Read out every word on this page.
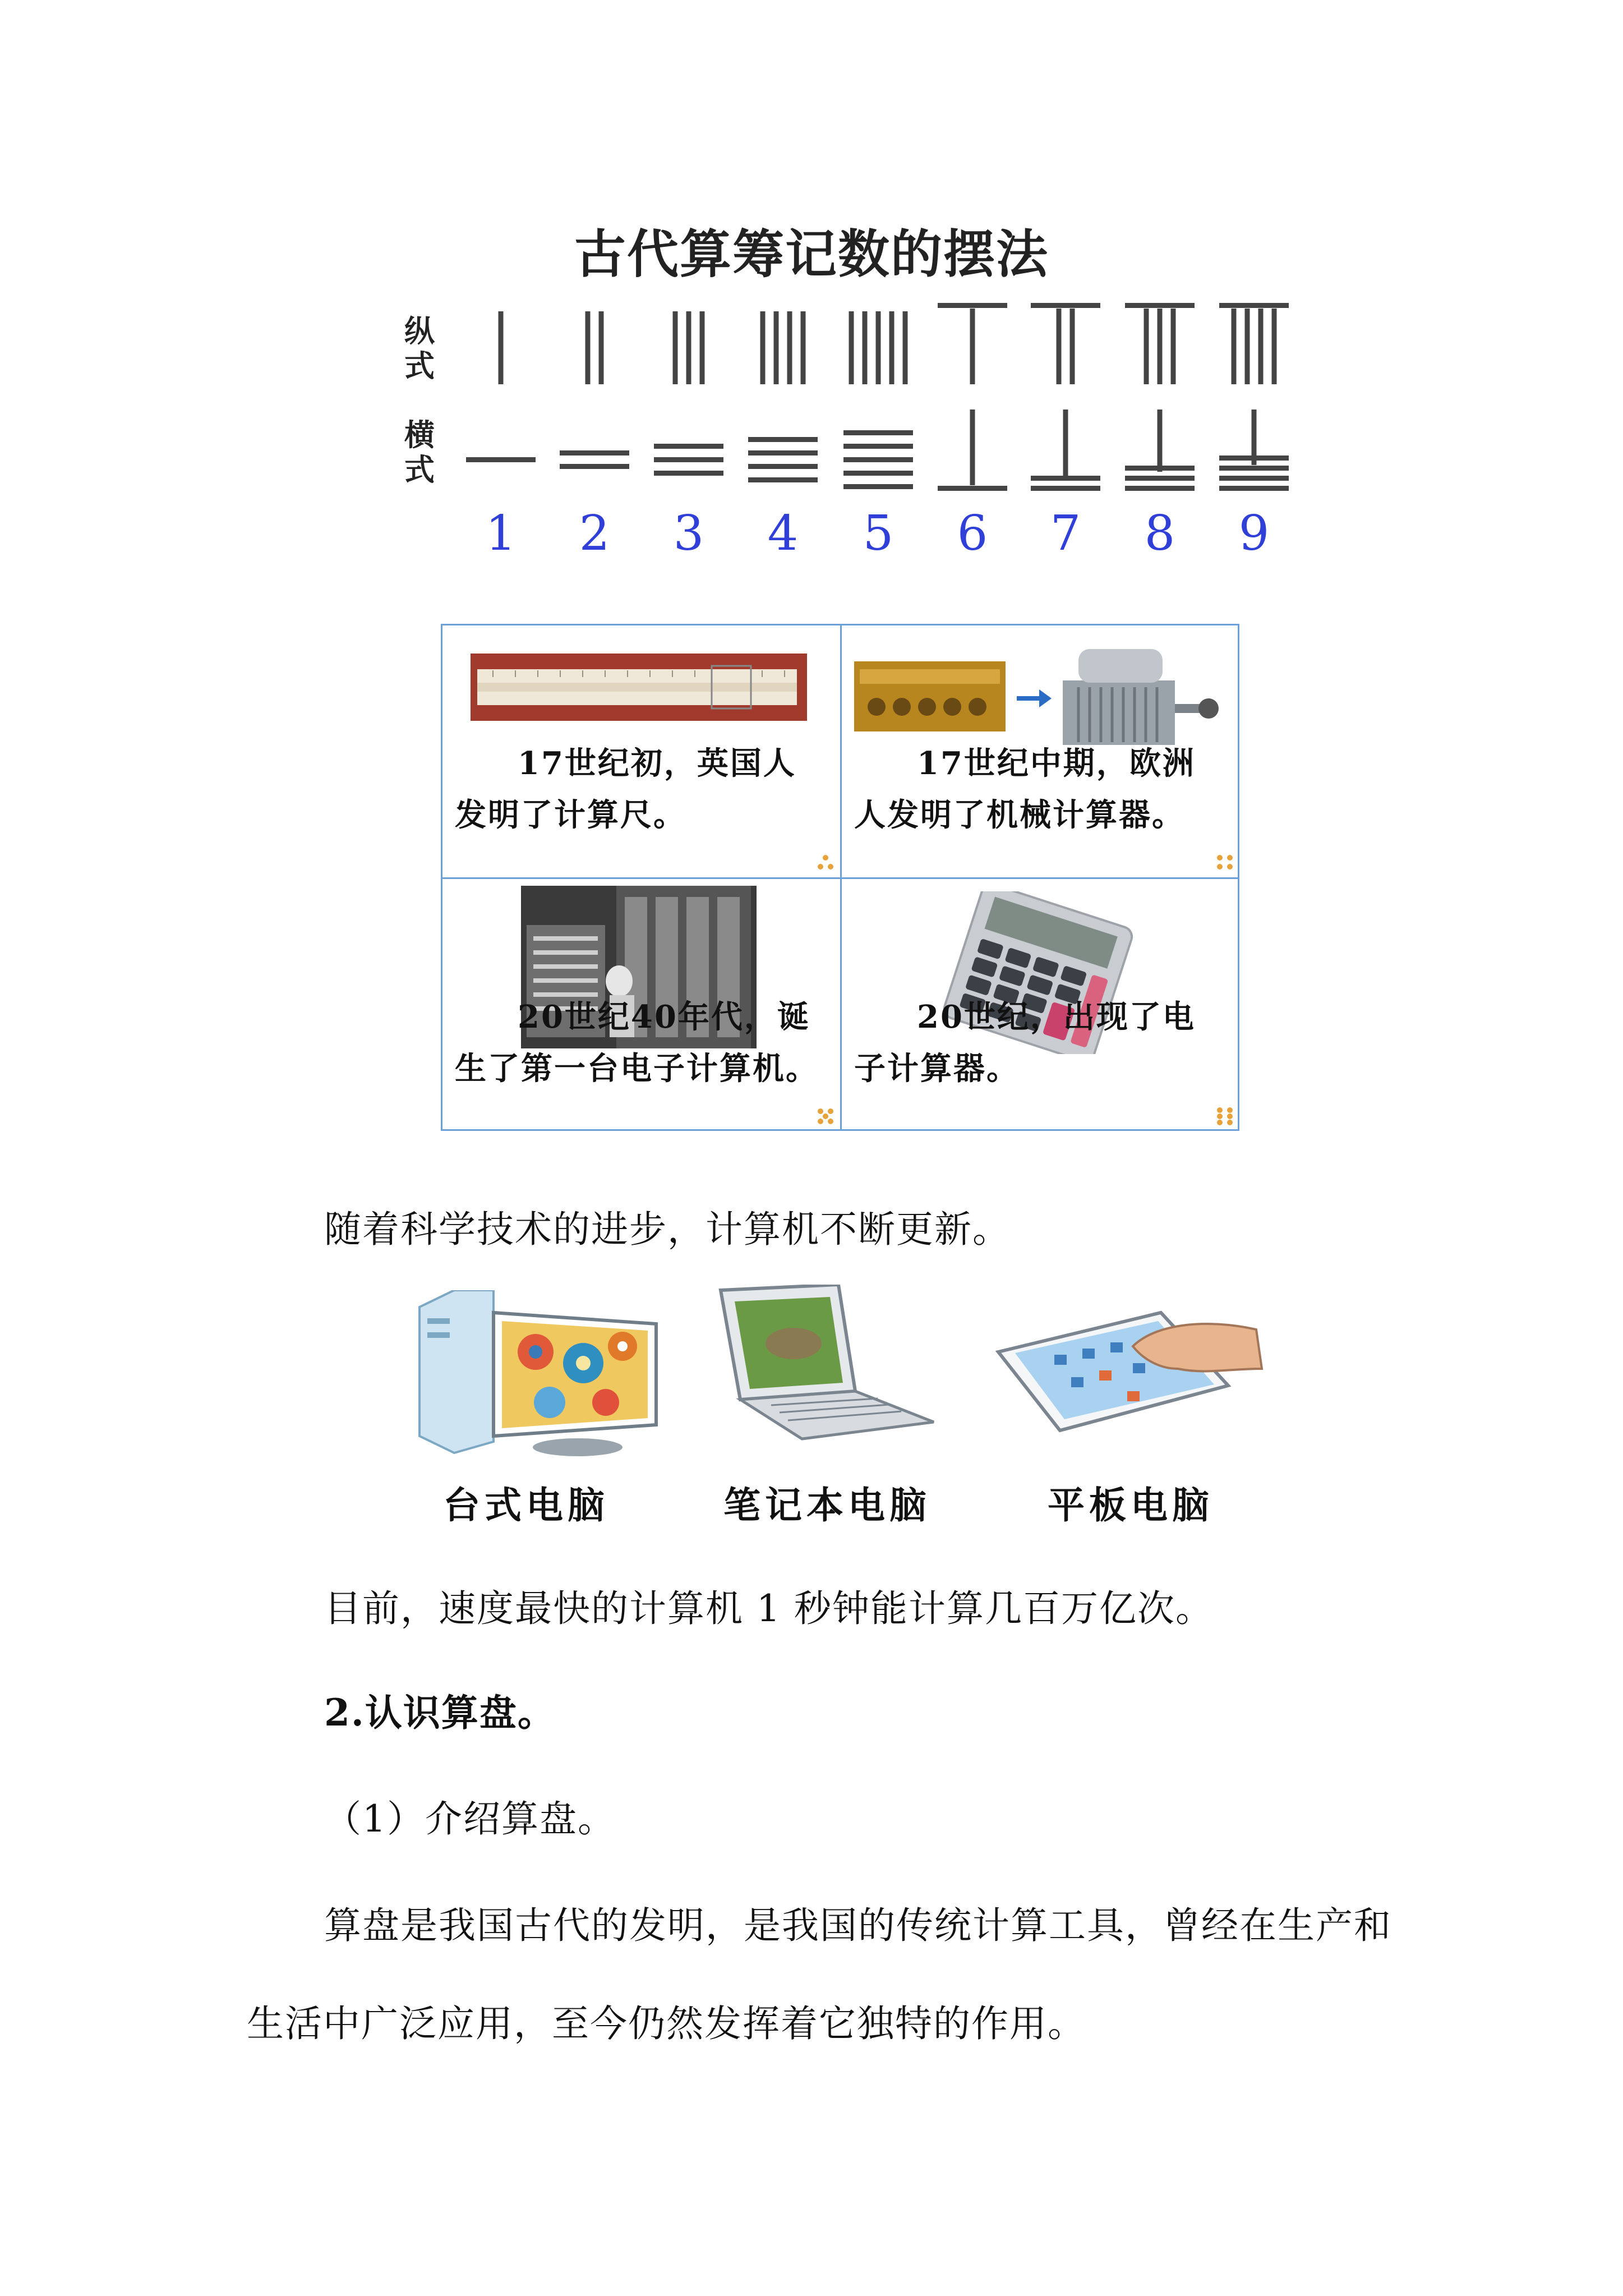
古代算筹记数的摆法
纵
式
横
式
1 2 3 4 5 6 7 8 9
17世纪初，英国人
发明了计算尺。
17世纪中期，欧洲
人发明了机械计算器。
20世纪40年代，诞
生了第一台电子计算机。
20世纪，出现了电
子计算器。
随着科学技术的进步，计算机不断更新。
台式电脑	笔记本电脑	平板电脑
目前，速度最快的计算机 1 秒钟能计算几百万亿次。
2.认识算盘。
（1）介绍算盘。
算盘是我国古代的发明，是我国的传统计算工具，曾经在生产和
生活中广泛应用，至今仍然发挥着它独特的作用。
